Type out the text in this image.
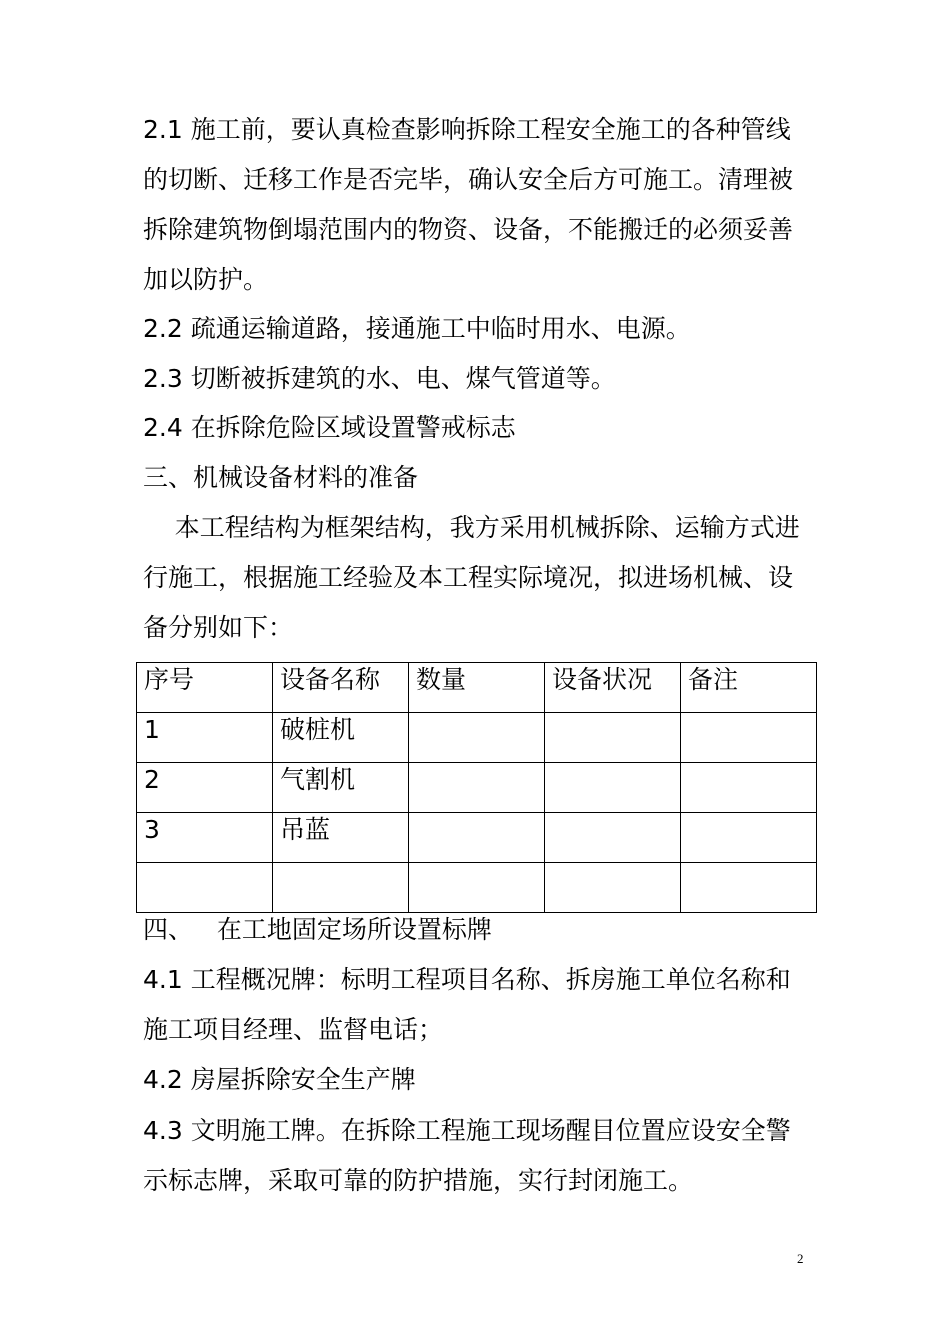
2.1 施工前，要认真检查影响拆除工程安全施工的各种管线

的切断、迁移工作是否完毕，确认安全后方可施工。清理被

拆除建筑物倒塌范围内的物资、设备，不能搬迁的必须妥善

加以防护。

2.2 疏通运输道路，接通施工中临时用水、电源。

2.3 切断被拆建筑的水、电、煤气管道等。

2.4 在拆除危险区域设置警戒标志

三、机械设备材料的准备

本工程结构为框架结构，我方采用机械拆除、运输方式进

行施工，根据施工经验及本工程实际境况，拟进场机械、设

备分别如下：

序号	设备名称	数量	设备状况	备注
1	破桩机			
2	气割机			
3	吊蓝			

四、   在工地固定场所设置标牌

4.1 工程概况牌：标明工程项目名称、拆房施工单位名称和

施工项目经理、监督电话；

4.2 房屋拆除安全生产牌

4.3 文明施工牌。在拆除工程施工现场醒目位置应设安全警

示标志牌，采取可靠的防护措施，实行封闭施工。

2
